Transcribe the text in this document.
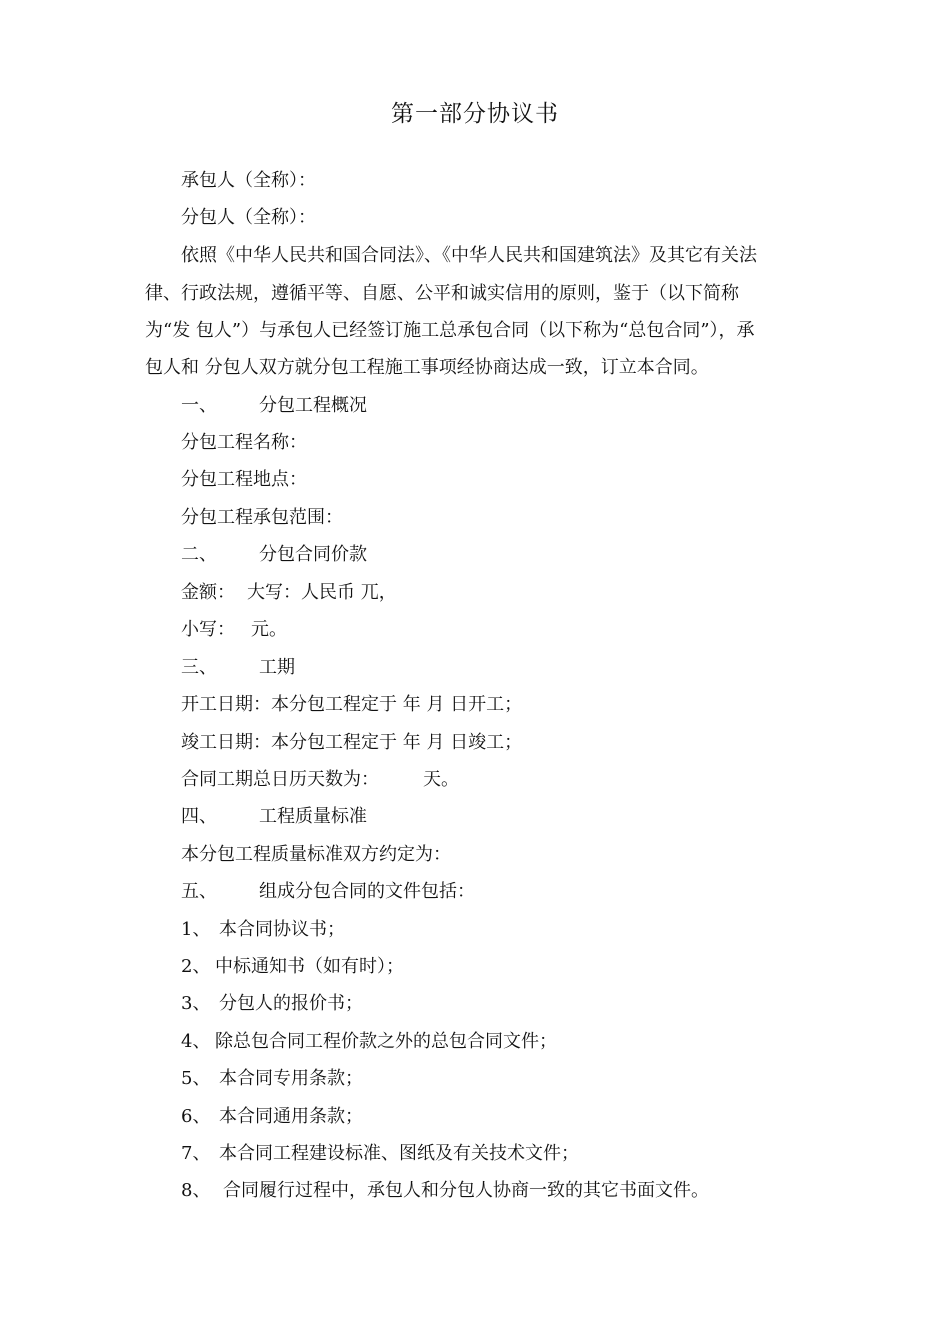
第一部分协议书
承包人（全称）：
分包人（全称）：
依照《中华人民共和国合同法》、《中华人民共和国建筑法》及其它有关法
律、行政法规，遵循平等、自愿、公平和诚实信用的原则，鉴于（以下简称
为“发 包人”）与承包人已经签订施工总承包合同（以下称为“总包合同”），承
包人和 分包人双方就分包工程施工事项经协商达成一致，订立本合同。
一、 分包工程概况
分包工程名称：
分包工程地点：
分包工程承包范围：
二、 分包合同价款
金额： 大写：人民币 兀，
小写： 元。
三、 工期
开工日期：本分包工程定于 年 月 日开工；
竣工日期：本分包工程定于 年 月 日竣工；
合同工期总日历天数为： 天。
四、 工程质量标准
本分包工程质量标准双方约定为：
五、 组成分包合同的文件包括：
1、 本合同协议书；
2、 中标通知书（如有时）；
3、 分包人的报价书；
4、 除总包合同工程价款之外的总包合同文件；
5、 本合同专用条款；
6、 本合同通用条款；
7、 本合同工程建设标准、图纸及有关技术文件；
8、 合同履行过程中，承包人和分包人协商一致的其它书面文件。
